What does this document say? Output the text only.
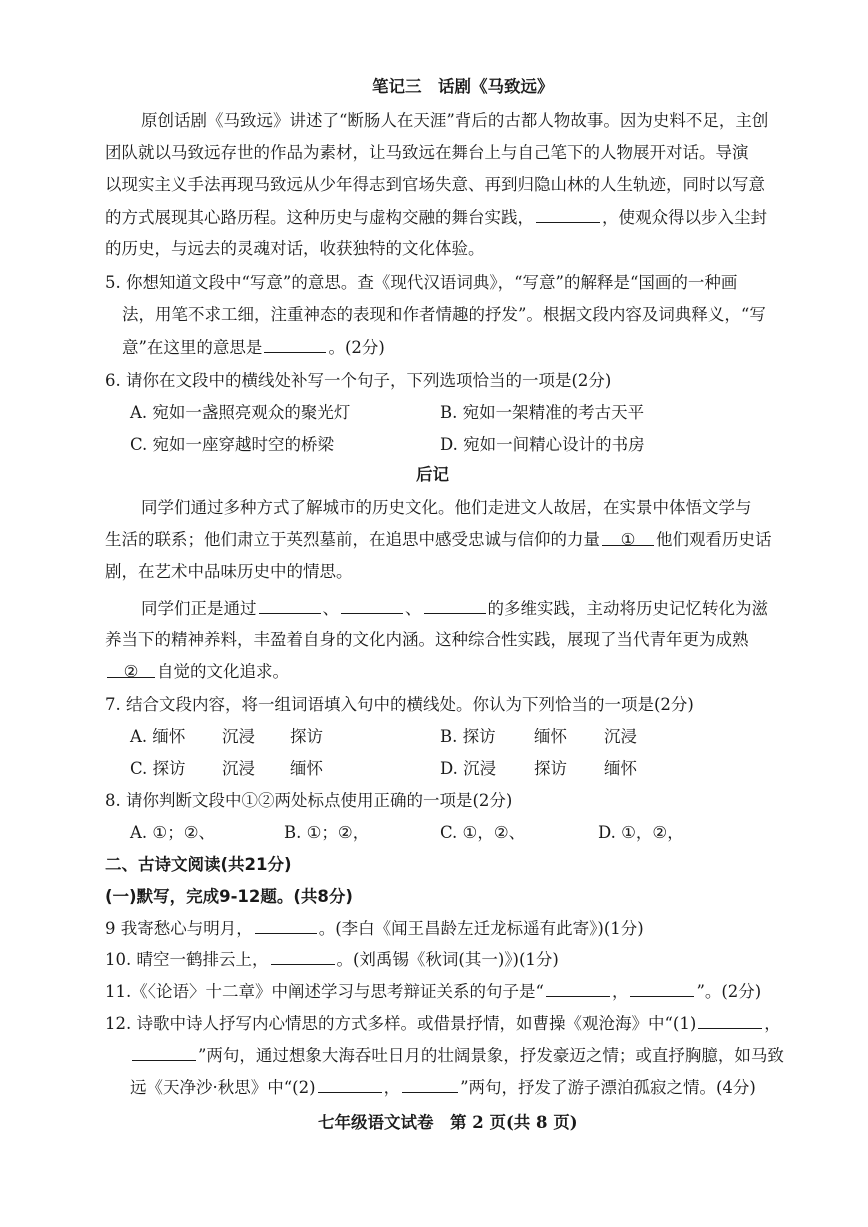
笔记三　话剧《马致远》
原创话剧《马致远》讲述了“断肠人在天涯”背后的古都人物故事。因为史料不足，主创
团队就以马致远存世的作品为素材，让马致远在舞台上与自己笔下的人物展开对话。导演
以现实主义手法再现马致远从少年得志到官场失意、再到归隐山林的人生轨迹，同时以写意
的方式展现其心路历程。这种历史与虚构交融的舞台实践，	，使观众得以步入尘封
的历史，与远去的灵魂对话，收获独特的文化体验。
5. 你想知道文段中“写意”的意思。查《现代汉语词典》，“写意”的解释是“国画的一种画
法，用笔不求工细，注重神态的表现和作者情趣的抒发”。根据文段内容及词典释义，“写
意”在这里的意思是	。(2分)
6. 请你在文段中的横线处补写一个句子，下列选项恰当的一项是(2分)
A. 宛如一盏照亮观众的聚光灯	B. 宛如一架精准的考古天平
C. 宛如一座穿越时空的桥梁	D. 宛如一间精心设计的书房
后记
同学们通过多种方式了解城市的历史文化。他们走进文人故居，在实景中体悟文学与
生活的联系；他们肃立于英烈墓前，在追思中感受忠诚与信仰的力量 ① 他们观看历史话
剧，在艺术中品味历史中的情思。
同学们正是通过	、	、	的多维实践，主动将历史记忆转化为滋
养当下的精神养料，丰盈着自身的文化内涵。这种综合性实践，展现了当代青年更为成熟
② 自觉的文化追求。
7. 结合文段内容，将一组词语填入句中的横线处。你认为下列恰当的一项是(2分)
A. 缅怀 沉浸 探访	B. 探访 缅怀 沉浸
C. 探访 沉浸 缅怀	D. 沉浸 探访 缅怀
8. 请你判断文段中①②两处标点使用正确的一项是(2分)
A. ①；②、	B. ①；②，	C. ①，②、	D. ①，②，
二、古诗文阅读(共21分)
(一)默写，完成9-12题。(共8分)
9 我寄愁心与明月，	。(李白《闻王昌龄左迁龙标遥有此寄》)(1分)
10. 晴空一鹤排云上，	。(刘禹锡《秋词(其一)》)(1分)
11.《〈论语〉十二章》中阐述学习与思考辩证关系的句子是“	，	”。(2分)
12. 诗歌中诗人抒写内心情思的方式多样。或借景抒情，如曹操《观沧海》中“(1)	，
”两句，通过想象大海吞吐日月的壮阔景象，抒发豪迈之情；或直抒胸臆，如马致
远《天净沙·秋思》中“(2)	，	”两句，抒发了游子漂泊孤寂之情。(4分)
七年级语文试卷　第 2 页(共 8 页)
